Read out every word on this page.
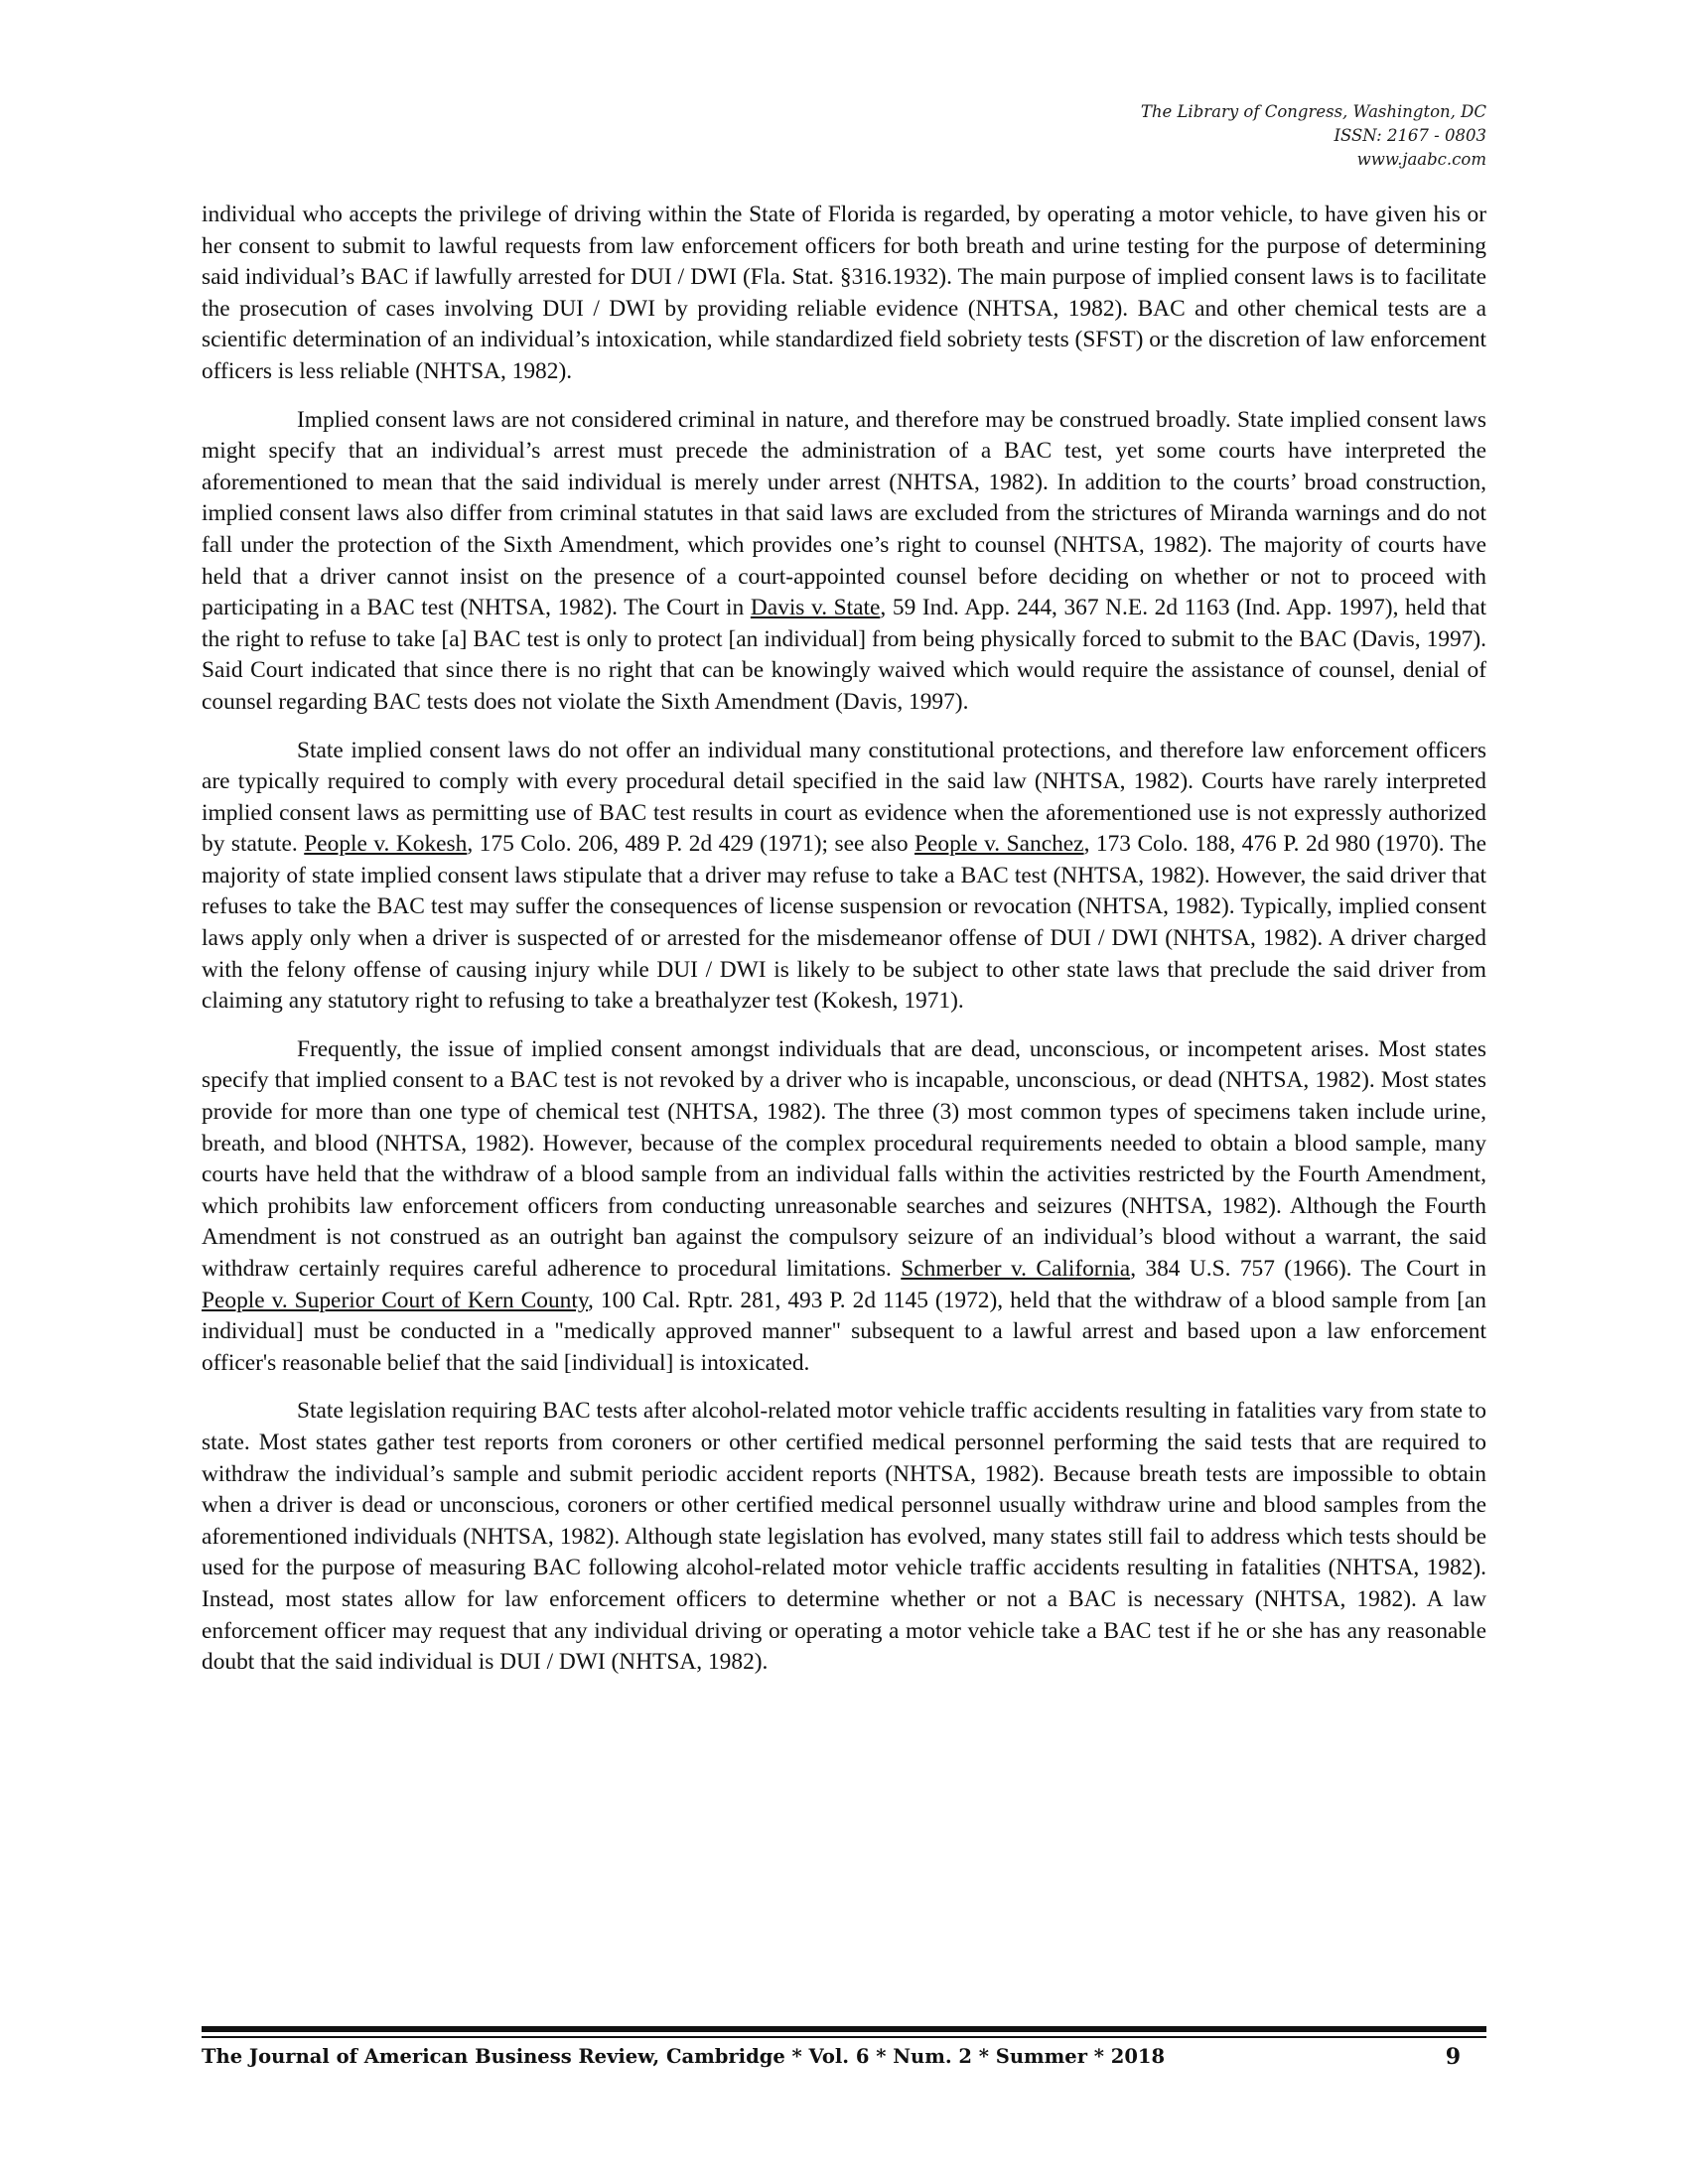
The Library of Congress, Washington, DC
ISSN: 2167 - 0803
www.jaabc.com

individual who accepts the privilege of driving within the State of Florida is regarded, by operating a motor vehicle, to have given his or her consent to submit to lawful requests from law enforcement officers for both breath and urine testing for the purpose of determining said individual’s BAC if lawfully arrested for DUI / DWI (Fla. Stat. §316.1932). The main purpose of implied consent laws is to facilitate the prosecution of cases involving DUI / DWI by providing reliable evidence (NHTSA, 1982). BAC and other chemical tests are a scientific determination of an individual’s intoxication, while standardized field sobriety tests (SFST) or the discretion of law enforcement officers is less reliable (NHTSA, 1982).

Implied consent laws are not considered criminal in nature, and therefore may be construed broadly. State implied consent laws might specify that an individual’s arrest must precede the administration of a BAC test, yet some courts have interpreted the aforementioned to mean that the said individual is merely under arrest (NHTSA, 1982). In addition to the courts’ broad construction, implied consent laws also differ from criminal statutes in that said laws are excluded from the strictures of Miranda warnings and do not fall under the protection of the Sixth Amendment, which provides one’s right to counsel (NHTSA, 1982). The majority of courts have held that a driver cannot insist on the presence of a court-appointed counsel before deciding on whether or not to proceed with participating in a BAC test (NHTSA, 1982). The Court in Davis v. State, 59 Ind. App. 244, 367 N.E. 2d 1163 (Ind. App. 1997), held that the right to refuse to take [a] BAC test is only to protect [an individual] from being physically forced to submit to the BAC (Davis, 1997). Said Court indicated that since there is no right that can be knowingly waived which would require the assistance of counsel, denial of counsel regarding BAC tests does not violate the Sixth Amendment (Davis, 1997).

State implied consent laws do not offer an individual many constitutional protections, and therefore law enforcement officers are typically required to comply with every procedural detail specified in the said law (NHTSA, 1982). Courts have rarely interpreted implied consent laws as permitting use of BAC test results in court as evidence when the aforementioned use is not expressly authorized by statute. People v. Kokesh, 175 Colo. 206, 489 P. 2d 429 (1971); see also People v. Sanchez, 173 Colo. 188, 476 P. 2d 980 (1970). The majority of state implied consent laws stipulate that a driver may refuse to take a BAC test (NHTSA, 1982). However, the said driver that refuses to take the BAC test may suffer the consequences of license suspension or revocation (NHTSA, 1982). Typically, implied consent laws apply only when a driver is suspected of or arrested for the misdemeanor offense of DUI / DWI (NHTSA, 1982). A driver charged with the felony offense of causing injury while DUI / DWI is likely to be subject to other state laws that preclude the said driver from claiming any statutory right to refusing to take a breathalyzer test (Kokesh, 1971).

Frequently, the issue of implied consent amongst individuals that are dead, unconscious, or incompetent arises. Most states specify that implied consent to a BAC test is not revoked by a driver who is incapable, unconscious, or dead (NHTSA, 1982). Most states provide for more than one type of chemical test (NHTSA, 1982). The three (3) most common types of specimens taken include urine, breath, and blood (NHTSA, 1982). However, because of the complex procedural requirements needed to obtain a blood sample, many courts have held that the withdraw of a blood sample from an individual falls within the activities restricted by the Fourth Amendment, which prohibits law enforcement officers from conducting unreasonable searches and seizures (NHTSA, 1982). Although the Fourth Amendment is not construed as an outright ban against the compulsory seizure of an individual’s blood without a warrant, the said withdraw certainly requires careful adherence to procedural limitations. Schmerber v. California, 384 U.S. 757 (1966). The Court in People v. Superior Court of Kern County, 100 Cal. Rptr. 281, 493 P. 2d 1145 (1972), held that the withdraw of a blood sample from [an individual] must be conducted in a "medically approved manner" subsequent to a lawful arrest and based upon a law enforcement officer's reasonable belief that the said [individual] is intoxicated.

State legislation requiring BAC tests after alcohol-related motor vehicle traffic accidents resulting in fatalities vary from state to state. Most states gather test reports from coroners or other certified medical personnel performing the said tests that are required to withdraw the individual’s sample and submit periodic accident reports (NHTSA, 1982). Because breath tests are impossible to obtain when a driver is dead or unconscious, coroners or other certified medical personnel usually withdraw urine and blood samples from the aforementioned individuals (NHTSA, 1982). Although state legislation has evolved, many states still fail to address which tests should be used for the purpose of measuring BAC following alcohol-related motor vehicle traffic accidents resulting in fatalities (NHTSA, 1982). Instead, most states allow for law enforcement officers to determine whether or not a BAC is necessary (NHTSA, 1982). A law enforcement officer may request that any individual driving or operating a motor vehicle take a BAC test if he or she has any reasonable doubt that the said individual is DUI / DWI (NHTSA, 1982).

The Journal of American Business Review, Cambridge * Vol. 6 * Num. 2 * Summer * 2018	9
